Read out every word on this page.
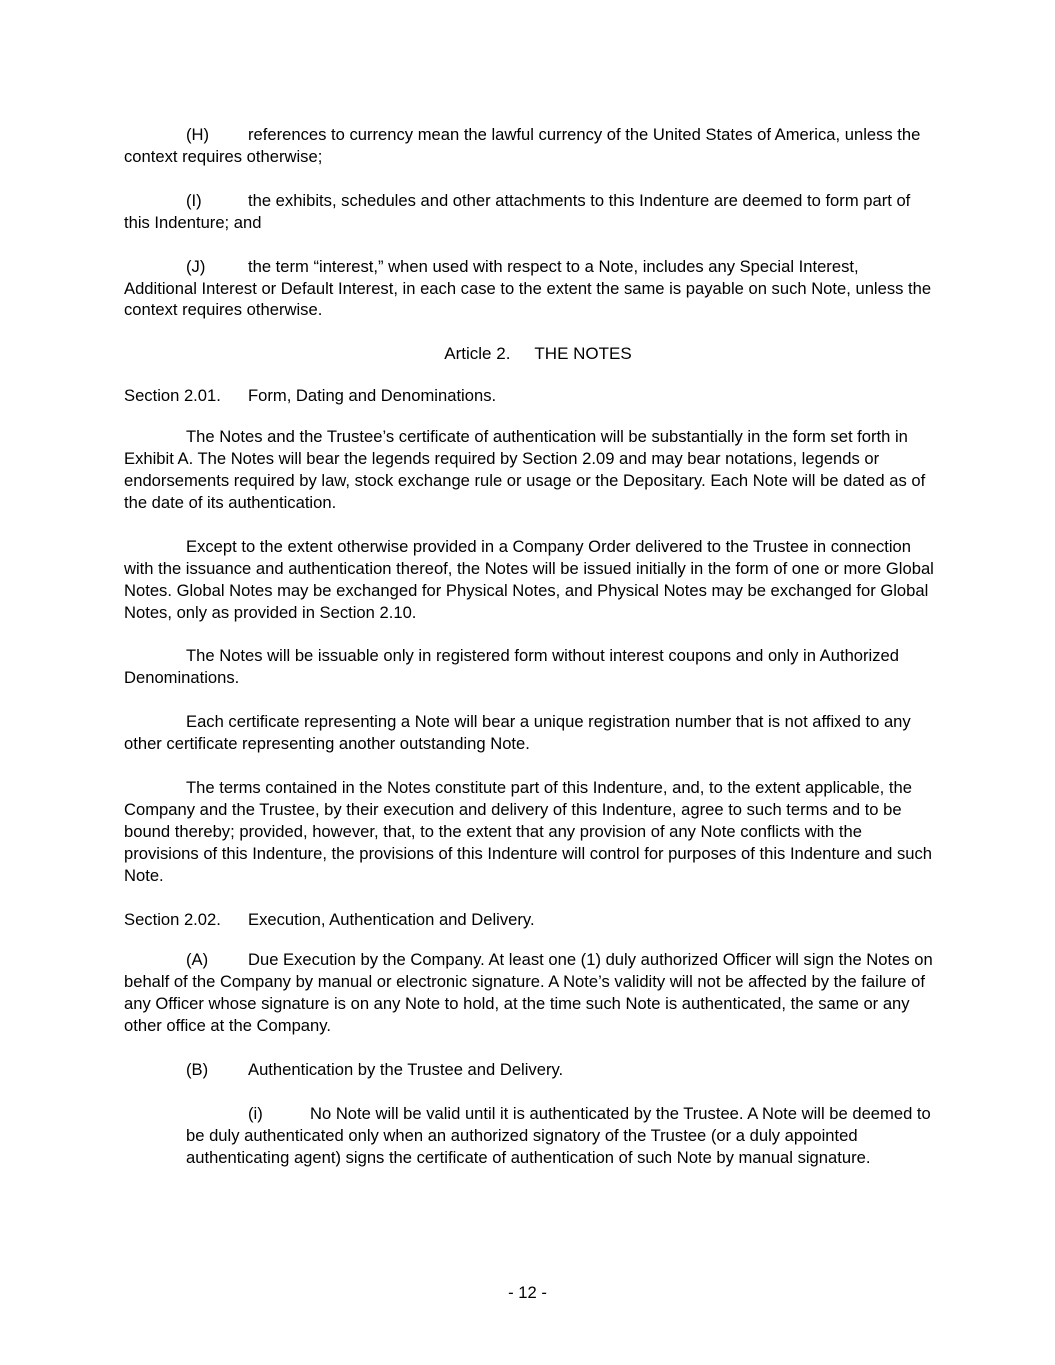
(H) references to currency mean the lawful currency of the United States of America, unless the context requires otherwise;

(I)	the exhibits, schedules and other attachments to this Indenture are deemed to form part of this Indenture; and

(J)	the term “interest,” when used with respect to a Note, includes any Special Interest, Additional Interest or Default Interest, in each case to the extent the same is payable on such Note, unless the context requires otherwise.

Article 2. THE NOTES

Section 2.01. Form, Dating and Denominations.

The Notes and the Trustee’s certificate of authentication will be substantially in the form set forth in Exhibit A. The Notes will bear the legends required by Section 2.09 and may bear notations, legends or endorsements required by law, stock exchange rule or usage or the Depositary. Each Note will be dated as of the date of its authentication.

Except to the extent otherwise provided in a Company Order delivered to the Trustee in connection with the issuance and authentication thereof, the Notes will be issued initially in the form of one or more Global Notes. Global Notes may be exchanged for Physical Notes, and Physical Notes may be exchanged for Global Notes, only as provided in Section 2.10.

The Notes will be issuable only in registered form without interest coupons and only in Authorized Denominations.

Each certificate representing a Note will bear a unique registration number that is not affixed to any other certificate representing another outstanding Note.

The terms contained in the Notes constitute part of this Indenture, and, to the extent applicable, the Company and the Trustee, by their execution and delivery of this Indenture, agree to such terms and to be bound thereby; provided, however, that, to the extent that any provision of any Note conflicts with the provisions of this Indenture, the provisions of this Indenture will control for purposes of this Indenture and such Note.

Section 2.02. Execution, Authentication and Delivery.

(A) Due Execution by the Company. At least one (1) duly authorized Officer will sign the Notes on behalf of the Company by manual or electronic signature. A Note’s validity will not be affected by the failure of any Officer whose signature is on any Note to hold, at the time such Note is authenticated, the same or any other office at the Company.

(B) Authentication by the Trustee and Delivery.

(i)	No Note will be valid until it is authenticated by the Trustee. A Note will be deemed to be duly authenticated only when an authorized signatory of the Trustee (or a duly appointed authenticating agent) signs the certificate of authentication of such Note by manual signature.

- 12 -
